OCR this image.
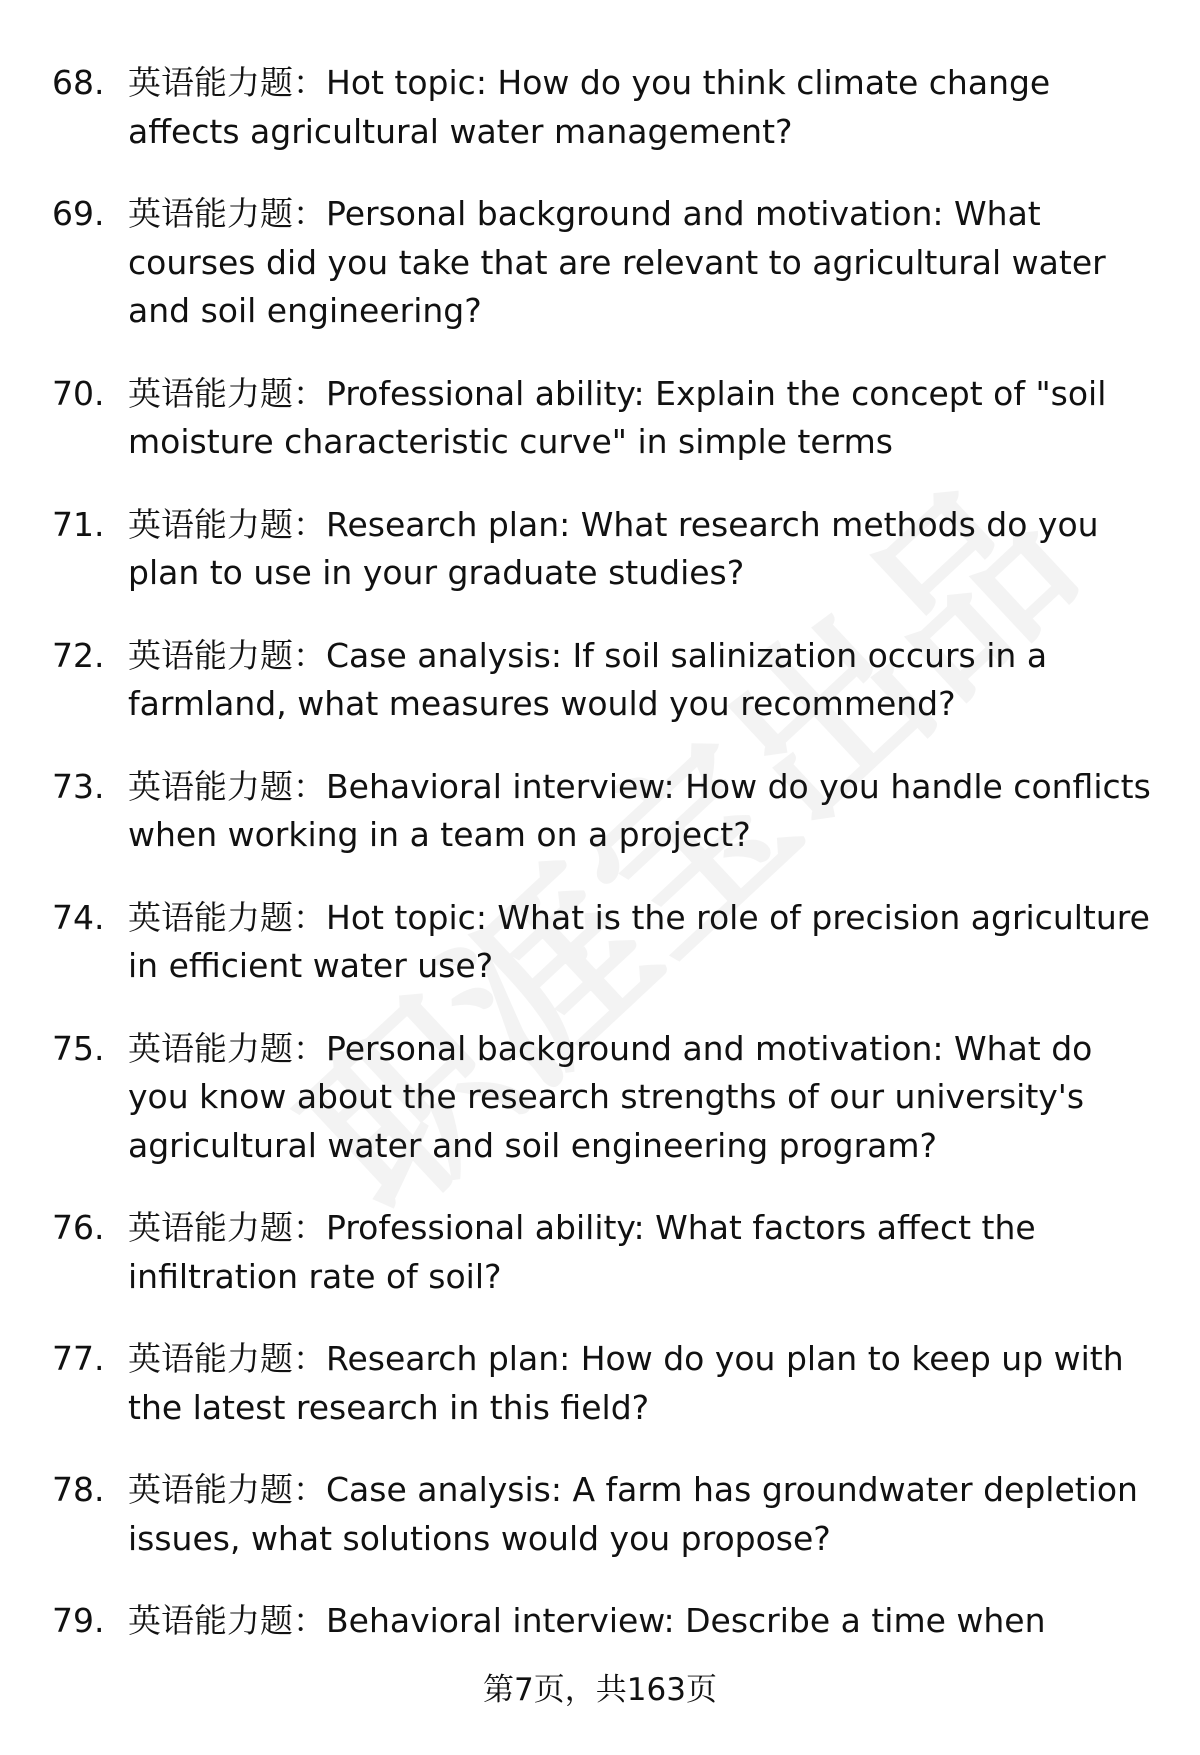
68. 英语能力题：Hot topic: How do you think climate change affects agricultural water management?
69. 英语能力题：Personal background and motivation: What courses did you take that are relevant to agricultural water and soil engineering?
70. 英语能力题：Professional ability: Explain the concept of "soil moisture characteristic curve" in simple terms
71. 英语能力题：Research plan: What research methods do you plan to use in your graduate studies?
72. 英语能力题：Case analysis: If soil salinization occurs in a farmland, what measures would you recommend?
73. 英语能力题：Behavioral interview: How do you handle conflicts when working in a team on a project?
74. 英语能力题：Hot topic: What is the role of precision agriculture in efficient water use?
75. 英语能力题：Personal background and motivation: What do you know about the research strengths of our university's agricultural water and soil engineering program?
76. 英语能力题：Professional ability: What factors affect the infiltration rate of soil?
77. 英语能力题：Research plan: How do you plan to keep up with the latest research in this field?
78. 英语能力题：Case analysis: A farm has groundwater depletion issues, what solutions would you propose?
79. 英语能力题：Behavioral interview: Describe a time when
第7页，共163页
